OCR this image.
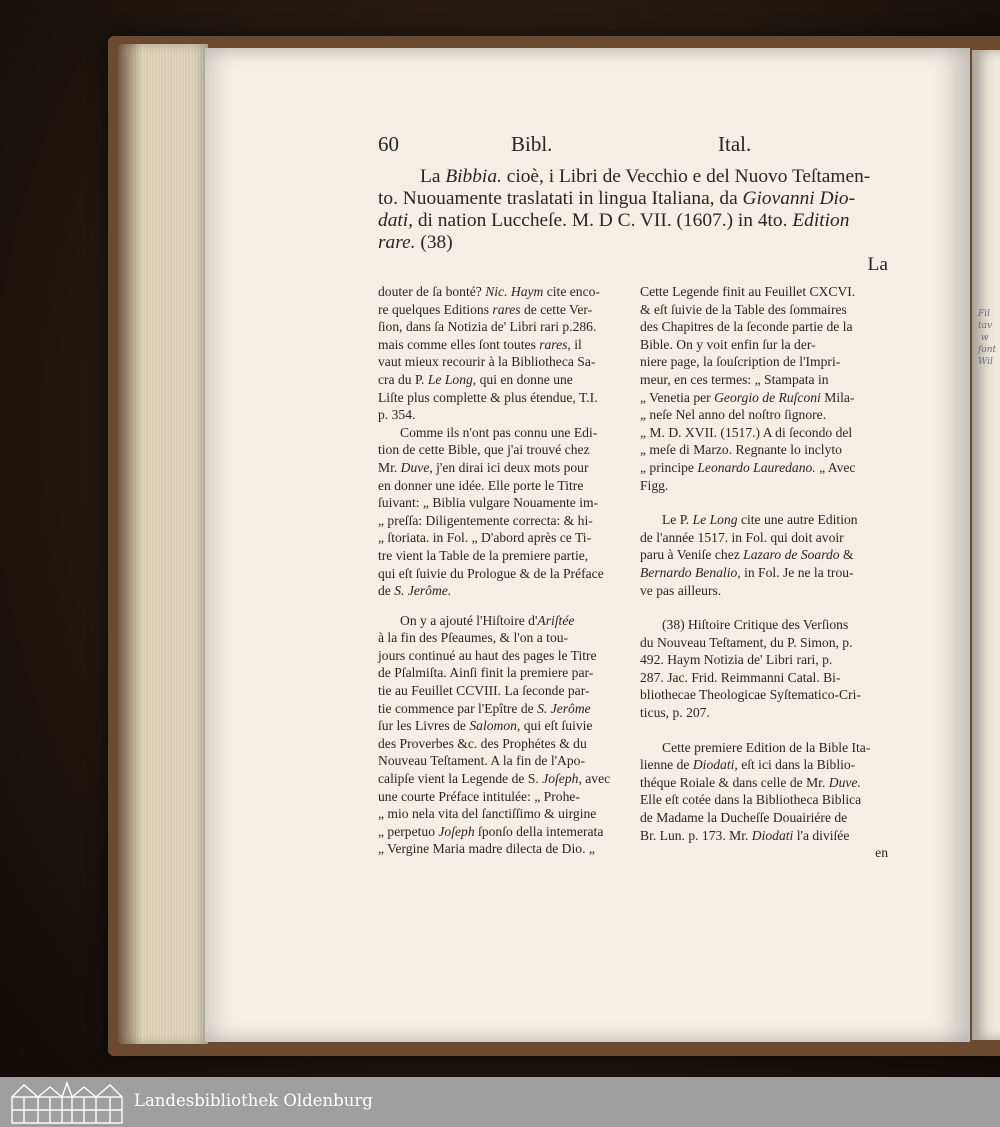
Fil
tav
w
font
Wil
60	Bibl.	Ital.
La Bibbia. cioè, i Libri de Vecchio e del Nuovo Teſtamen-
to. Nuouamente traslatati in lingua Italiana, da Giovanni Dio-
dati, di nation Luccheſe. M. D C. VII. (1607.) in 4to. Edition
rare. (38)
La

douter de ſa bonté? Nic. Haym cite enco-

re quelques Editions rares de cette Ver-

ſion, dans ſa Notizia de' Libri rari p.286.

mais comme elles ſont toutes rares, il

vaut mieux recourir à la Bibliotheca Sa-

cra du P. Le Long, qui en donne une

Liſte plus complette & plus étendue, T.I.

p. 354.

Comme ils n'ont pas connu une Edi-

tion de cette Bible, que j'ai trouvé chez

Mr. Duve, j'en dirai ici deux mots pour

en donner une idée. Elle porte le Titre

ſuivant: „ Biblia vulgare Nouamente im-

„ preſſa: Diligentemente correcta: & hi-

„ ſtoriata. in Fol. „ D'abord après ce Ti-

tre vient la Table de la premiere partie,

qui eſt ſuivie du Prologue & de la Préface

de S. Jerôme.

On y a ajouté l'Hiſtoire d'Ariſtée

à la fin des Pſeaumes, & l'on a tou-

jours continué au haut des pages le Titre

de Pſalmiſta. Ainſi finit la premiere par-

tie au Feuillet CCVIII. La ſeconde par-

tie commence par l'Epître de S. Jerôme

ſur les Livres de Salomon, qui eſt ſuivie

des Proverbes &c. des Prophétes & du

Nouveau Teſtament. A la fin de l'Apo-

calipſe vient la Legende de S. Joſeph, avec

une courte Préface intitulée: „ Prohe-

„ mio nela vita del ſanctiſſimo & uirgine

„ perpetuo Joſeph ſponſo della intemerata

„ Vergine Maria madre dilecta de Dio. „

Cette Legende finit au Feuillet CXCVI.

& eſt ſuivie de la Table des ſommaires

des Chapitres de la ſeconde partie de la

Bible. On y voit enfin ſur la der-

niere page, la ſouſcription de l'Impri-

meur, en ces termes: „ Stampata in

„ Venetia per Georgio de Ruſconi Mila-

„ neſe Nel anno del noſtro ſignore.

„ M. D. XVII. (1517.) A di ſecondo del

„ meſe di Marzo. Regnante lo inclyto

„ principe Leonardo Lauredano. „ Avec

Figg.

Le P. Le Long cite une autre Edition

de l'année 1517. in Fol. qui doit avoir

paru à Veniſe chez Lazaro de Soardo &

Bernardo Benalio, in Fol. Je ne la trou-

ve pas ailleurs.

(38) Hiſtoire Critique des Verſions

du Nouveau Teſtament, du P. Simon, p.

492. Haym Notizia de' Libri rari, p.

287. Jac. Frid. Reimmanni Catal. Bi-

bliothecae Theologicae Syſtematico-Cri-

ticus, p. 207.

Cette premiere Edition de la Bible Ita-

lienne de Diodati, eſt ici dans la Biblio-

théque Roiale & dans celle de Mr. Duve.

Elle eſt cotée dans la Bibliotheca Biblica

de Madame la Ducheſſe Douairiére de

Br. Lun. p. 173. Mr. Diodati l'a diviſée

en

Landesbibliothek Oldenburg
